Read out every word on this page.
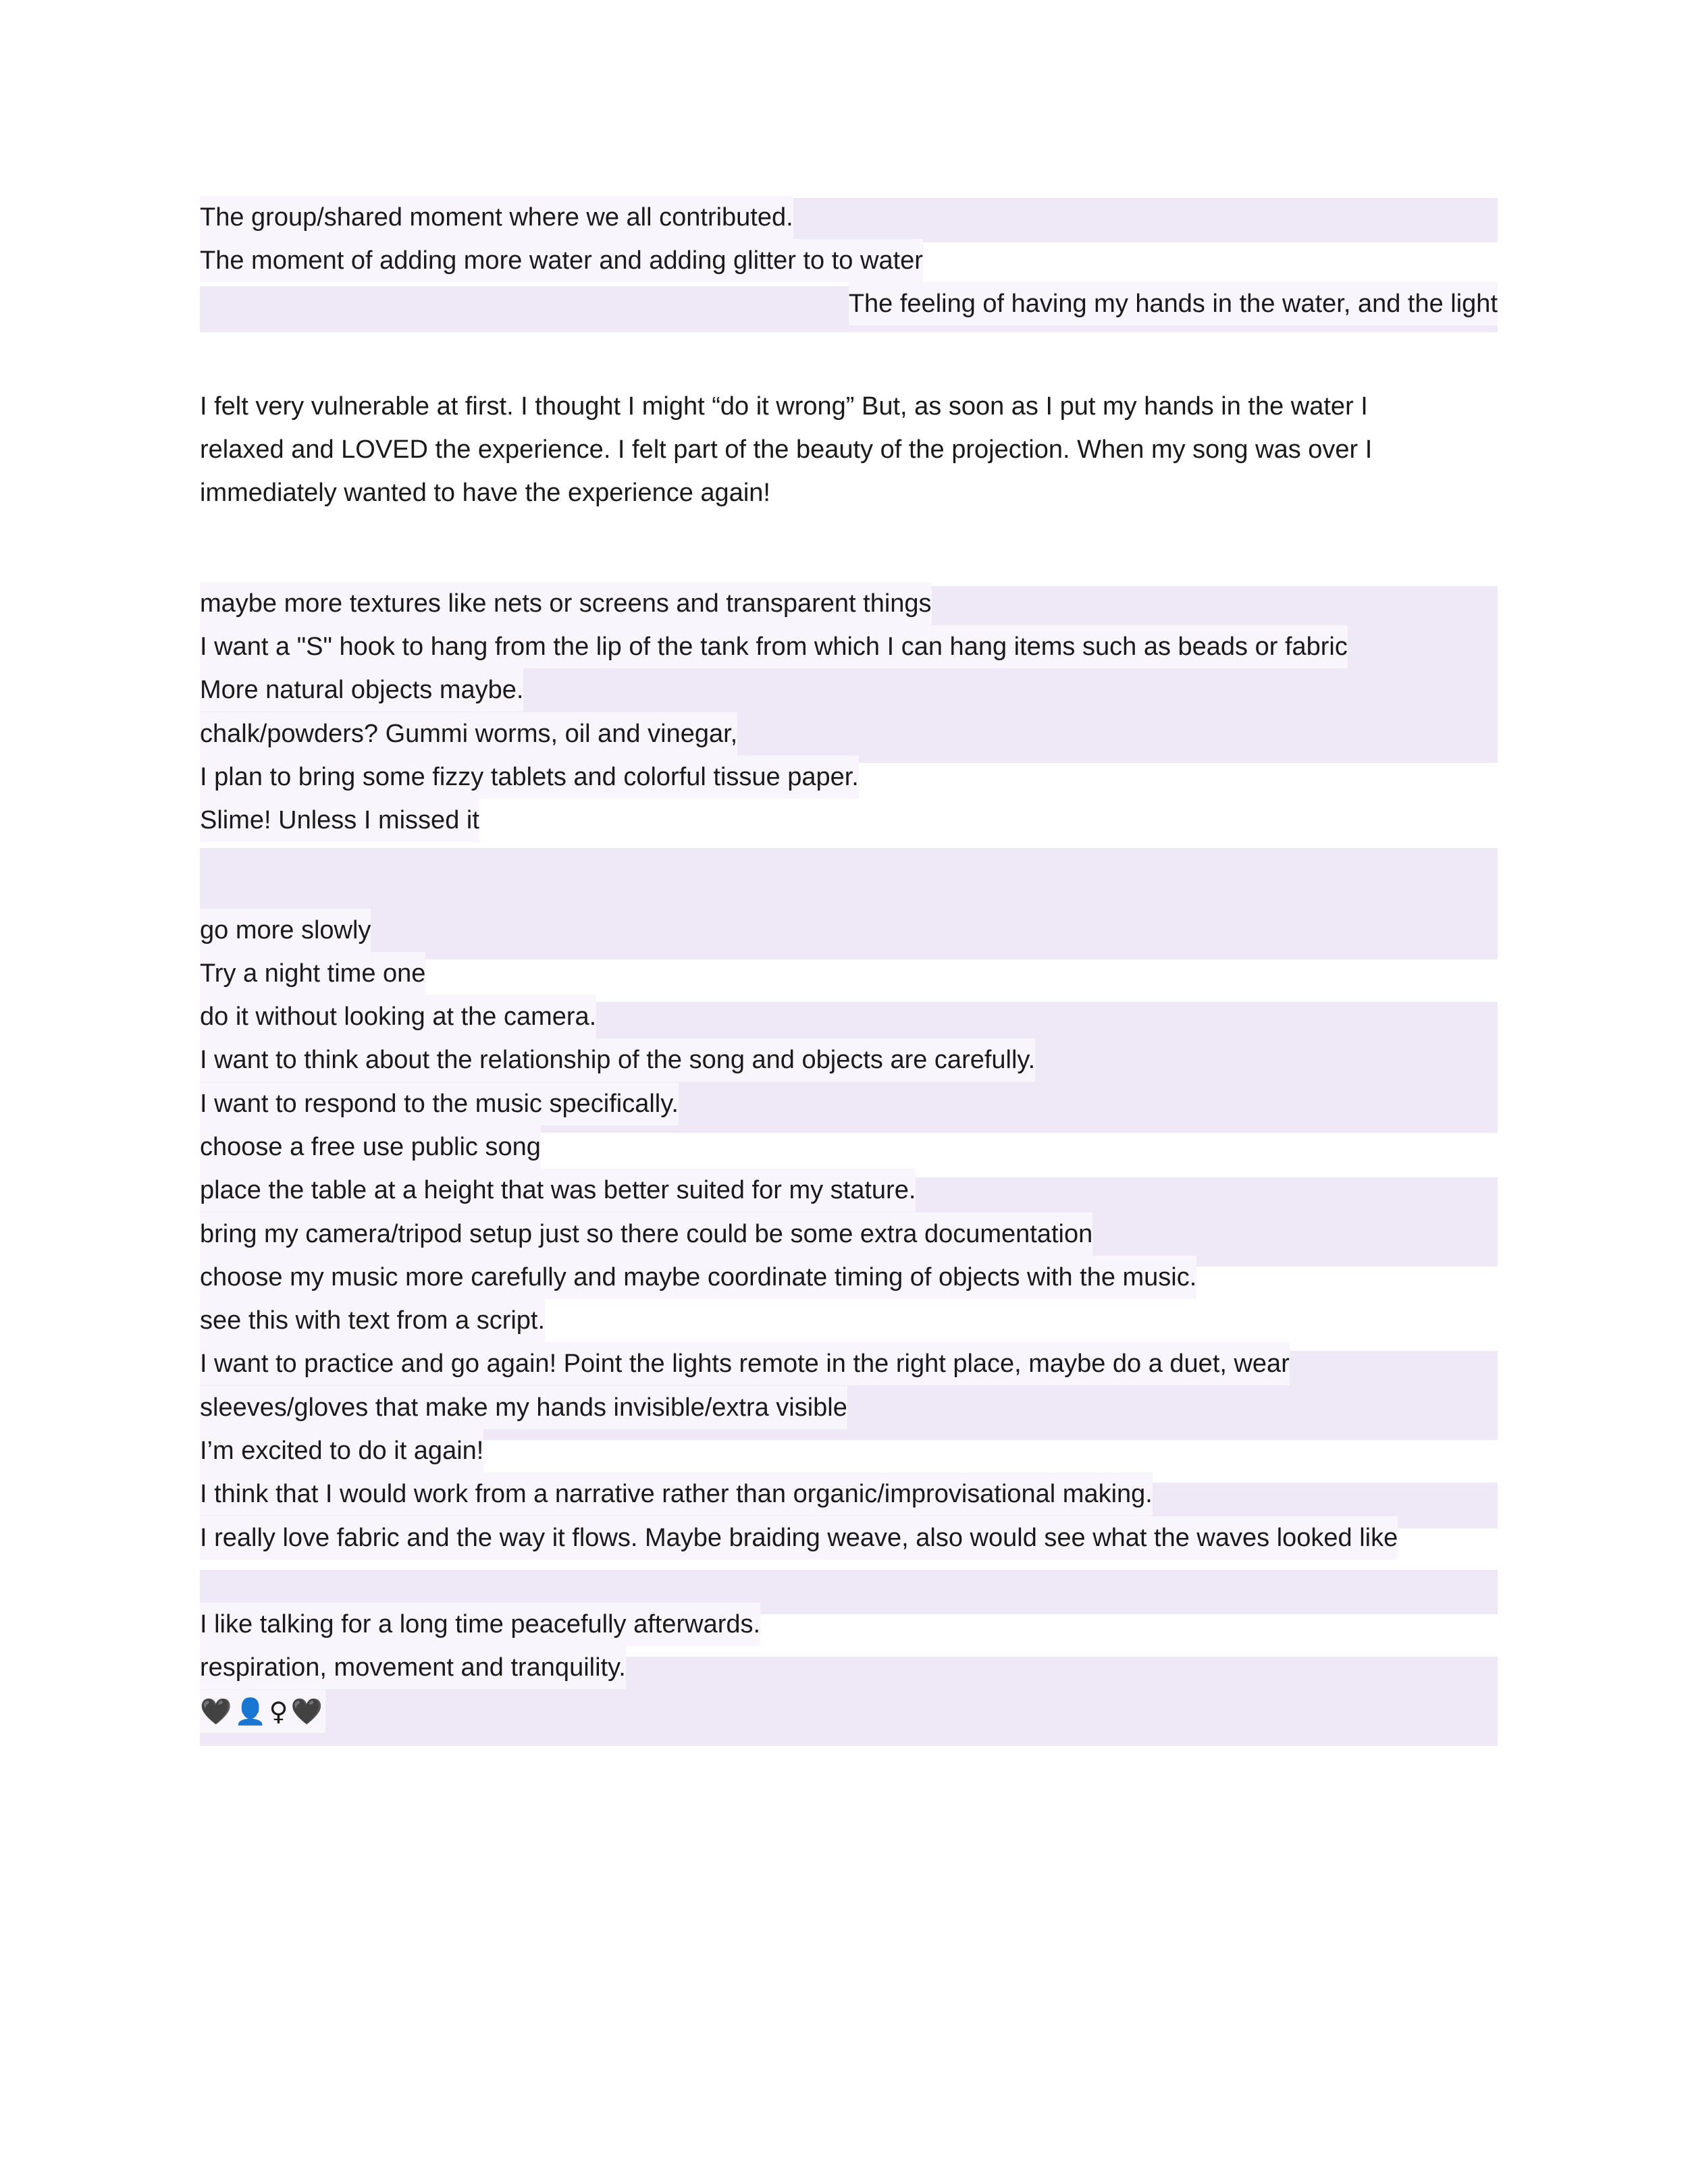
The group/shared moment where we all contributed.
The moment of adding more water and adding glitter to to water
The feeling of having my hands in the water, and the light
I felt very vulnerable at first. I thought I might “do it wrong” But, as soon as I put my hands in the water I
relaxed and LOVED the experience. I felt part of the beauty of the projection. When my song was over I
immediately wanted to have the experience again!
maybe more textures like nets or screens and transparent things
I want a "S" hook to hang from the lip of the tank from which I can hang items such as beads or fabric
More natural objects maybe.
chalk/powders? Gummi worms, oil and vinegar,
I plan to bring some fizzy tablets and colorful tissue paper.
Slime! Unless I missed it
go more slowly
Try a night time one
do it without looking at the camera.
I want to think about the relationship of the song and objects are carefully.
I want to respond to the music specifically.
choose a free use public song
place the table at a height that was better suited for my stature.
bring my camera/tripod setup just so there could be some extra documentation
choose my music more carefully and maybe coordinate timing of objects with the music.
see this with text from a script.
I want to practice and go again! Point the lights remote in the right place, maybe do a duet, wear
sleeves/gloves that make my hands invisible/extra visible
I’m excited to do it again!
I think that I would work from a narrative rather than organic/improvisational making.
I really love fabric and the way it flows. Maybe braiding weave, also would see what the waves looked like
I like talking for a long time peacefully afterwards.
respiration, movement and tranquility.
🖤👤♀🖤
